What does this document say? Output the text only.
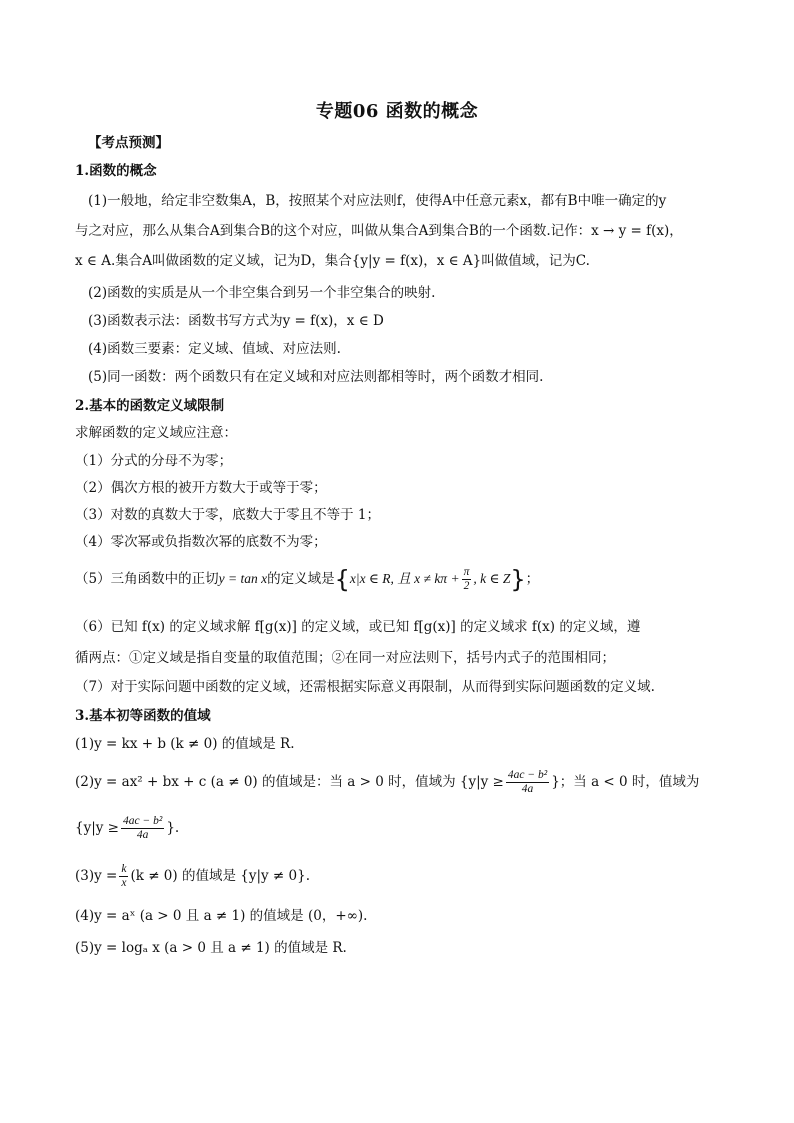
专题06 函数的概念
【考点预测】
1.函数的概念
(1)一般地，给定非空数集A，B，按照某个对应法则f，使得A中任意元素x，都有B中唯一确定的y
与之对应，那么从集合A到集合B的这个对应，叫做从集合A到集合B的一个函数.记作：x → y = f(x)，
x ∈ A.集合A叫做函数的定义域，记为D，集合{y|y = f(x)，x ∈ A}叫做值域，记为C.
(2)函数的实质是从一个非空集合到另一个非空集合的映射.
(3)函数表示法：函数书写方式为y = f(x)，x ∈ D
(4)函数三要素：定义域、值域、对应法则.
(5)同一函数：两个函数只有在定义域和对应法则都相等时，两个函数才相同.
2.基本的函数定义域限制
求解函数的定义域应注意：
（1）分式的分母不为零；
（2）偶次方根的被开方数大于或等于零；
（3）对数的真数大于零，底数大于零且不等于 1；
（4）零次幂或负指数次幂的底数不为零；
（5）三角函数中的正切y = tan x的定义域是{x|x ∈ R, 且 $x \ne k\pi + \frac{\pi}{2}$ , k ∈ Z}；
（6）已知 f(x) 的定义域求解 f[g(x)] 的定义域，或已知 f[g(x)] 的定义域求 f(x) 的定义域，遵
循两点：①定义域是指自变量的取值范围；②在同一对应法则下，括号内式子的范围相同；
（7）对于实际问题中函数的定义域，还需根据实际意义再限制，从而得到实际问题函数的定义域.
3.基本初等函数的值域
(1)y = kx + b (k ≠ 0) 的值域是 R.
(2)y = ax² + bx + c (a ≠ 0) 的值域是：当 a > 0 时，值域为 {$y|y \ge \frac{\text{4ac − b²}}{4a}$ }；当 a < 0 时，值域为
{$y|y \ge \frac{\text{4ac − b²}}{4a}$ }.
$(3)y = \frac{k}{x} (k \ne 0)$ 的值域是 {y|y ≠ 0}.
(4)y = aˣ (a > 0 且 a ≠ 1) 的值域是 (0，+∞).
(5)y = logₐ x (a > 0 且 a ≠ 1) 的值域是 R.
